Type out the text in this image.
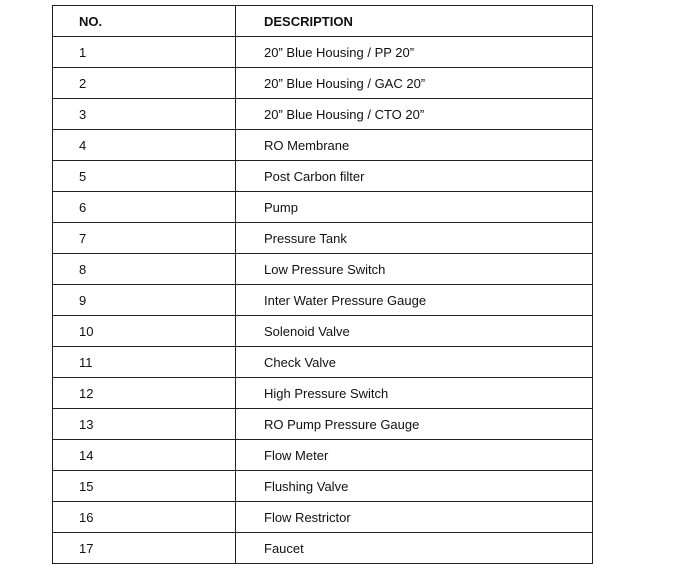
NO.	DESCRIPTION
1	20” Blue Housing / PP 20”
2	20” Blue Housing / GAC 20”
3	20” Blue Housing / CTO 20”
4	RO Membrane
5	Post Carbon filter
6	Pump
7	Pressure Tank
8	Low Pressure Switch
9	Inter Water Pressure Gauge
10	Solenoid Valve
11	Check Valve
12	High Pressure Switch
13	RO Pump Pressure Gauge
14	Flow Meter
15	Flushing Valve
16	Flow Restrictor
17	Faucet
